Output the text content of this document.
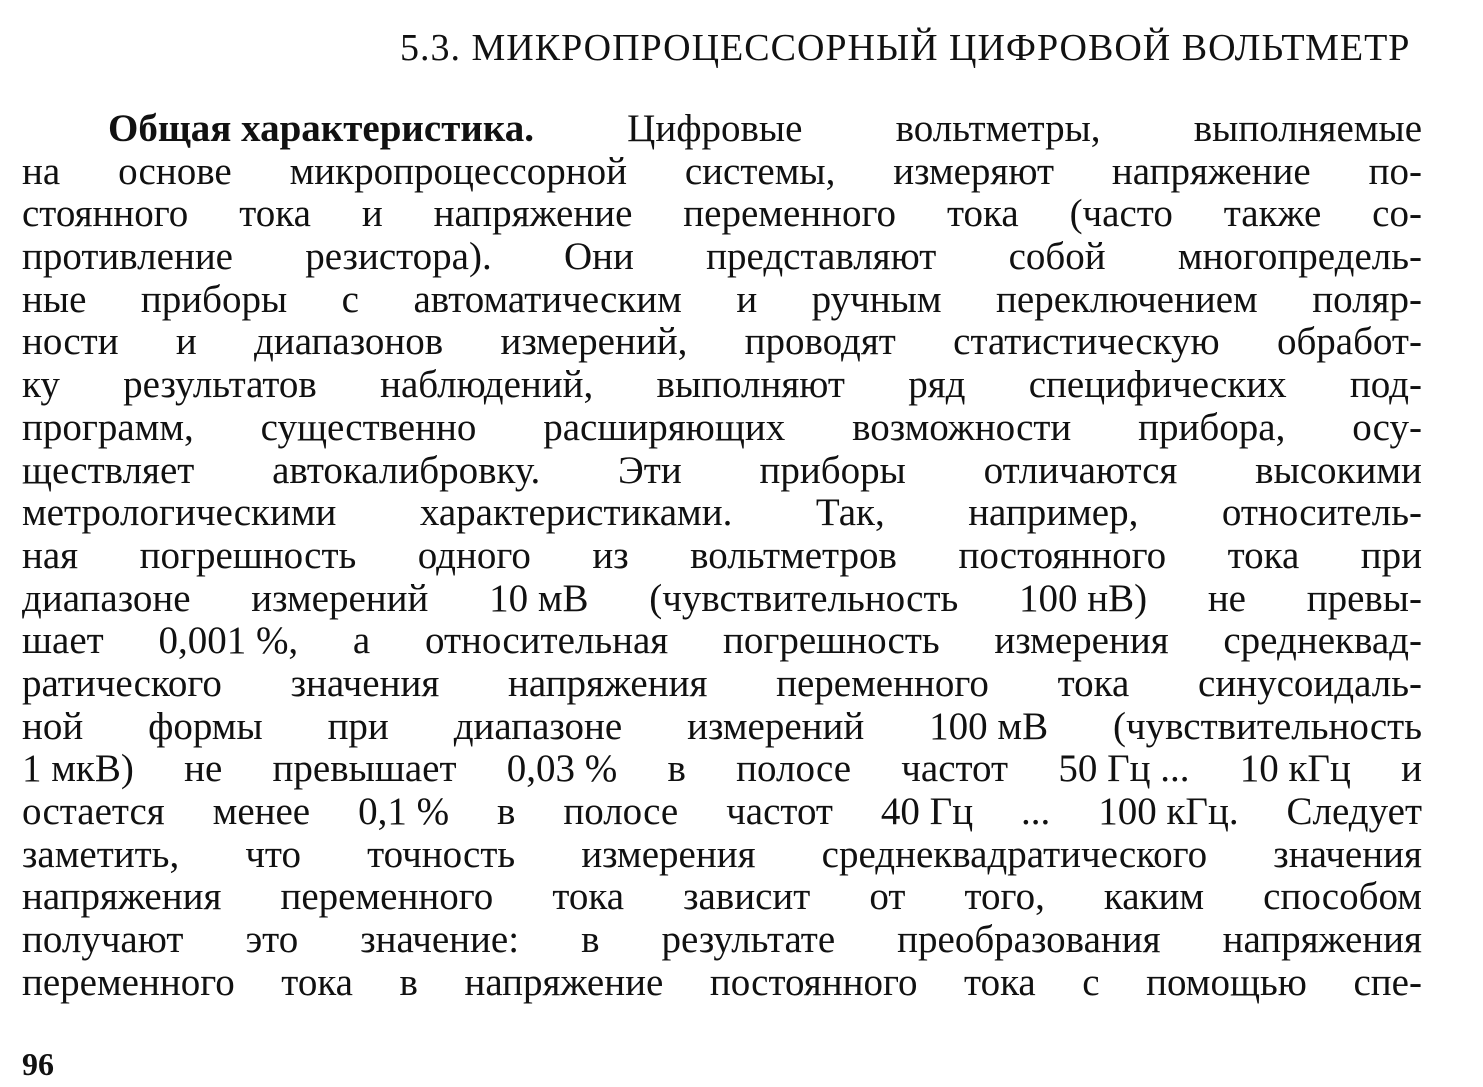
5.3. МИКРОПРОЦЕССОРНЫЙ ЦИФРОВОЙ ВОЛЬТМЕТР
Общая характеристика. Цифровые вольтметры, выполняемые
на основе микропроцессорной системы, измеряют напряжение по-
стоянного тока и напряжение переменного тока (часто также со-
противление резистора). Они представляют собой многопредель-
ные приборы с автоматическим и ручным переключением поляр-
ности и диапазонов измерений, проводят статистическую обработ-
ку результатов наблюдений, выполняют ряд специфических под-
программ, существенно расширяющих возможности прибора, осу-
ществляет автокалибровку. Эти приборы отличаются высокими
метрологическими характеристиками. Так, например, относитель-
ная погрешность одного из вольтметров постоянного тока при
диапазоне измерений 10 мВ (чувствительность 100 нВ) не превы-
шает 0,001 %, а относительная погрешность измерения среднеквад-
ратического значения напряжения переменного тока синусоидаль-
ной формы при диапазоне измерений 100 мВ (чувствительность
1 мкВ) не превышает 0,03 % в полосе частот 50 Гц ... 10 кГц и
остается менее 0,1 % в полосе частот 40 Гц ... 100 кГц. Следует
заметить, что точность измерения среднеквадратического значения
напряжения переменного тока зависит от того, каким способом
получают это значение: в результате преобразования напряжения
переменного тока в напряжение постоянного тока с помощью спе-
96
